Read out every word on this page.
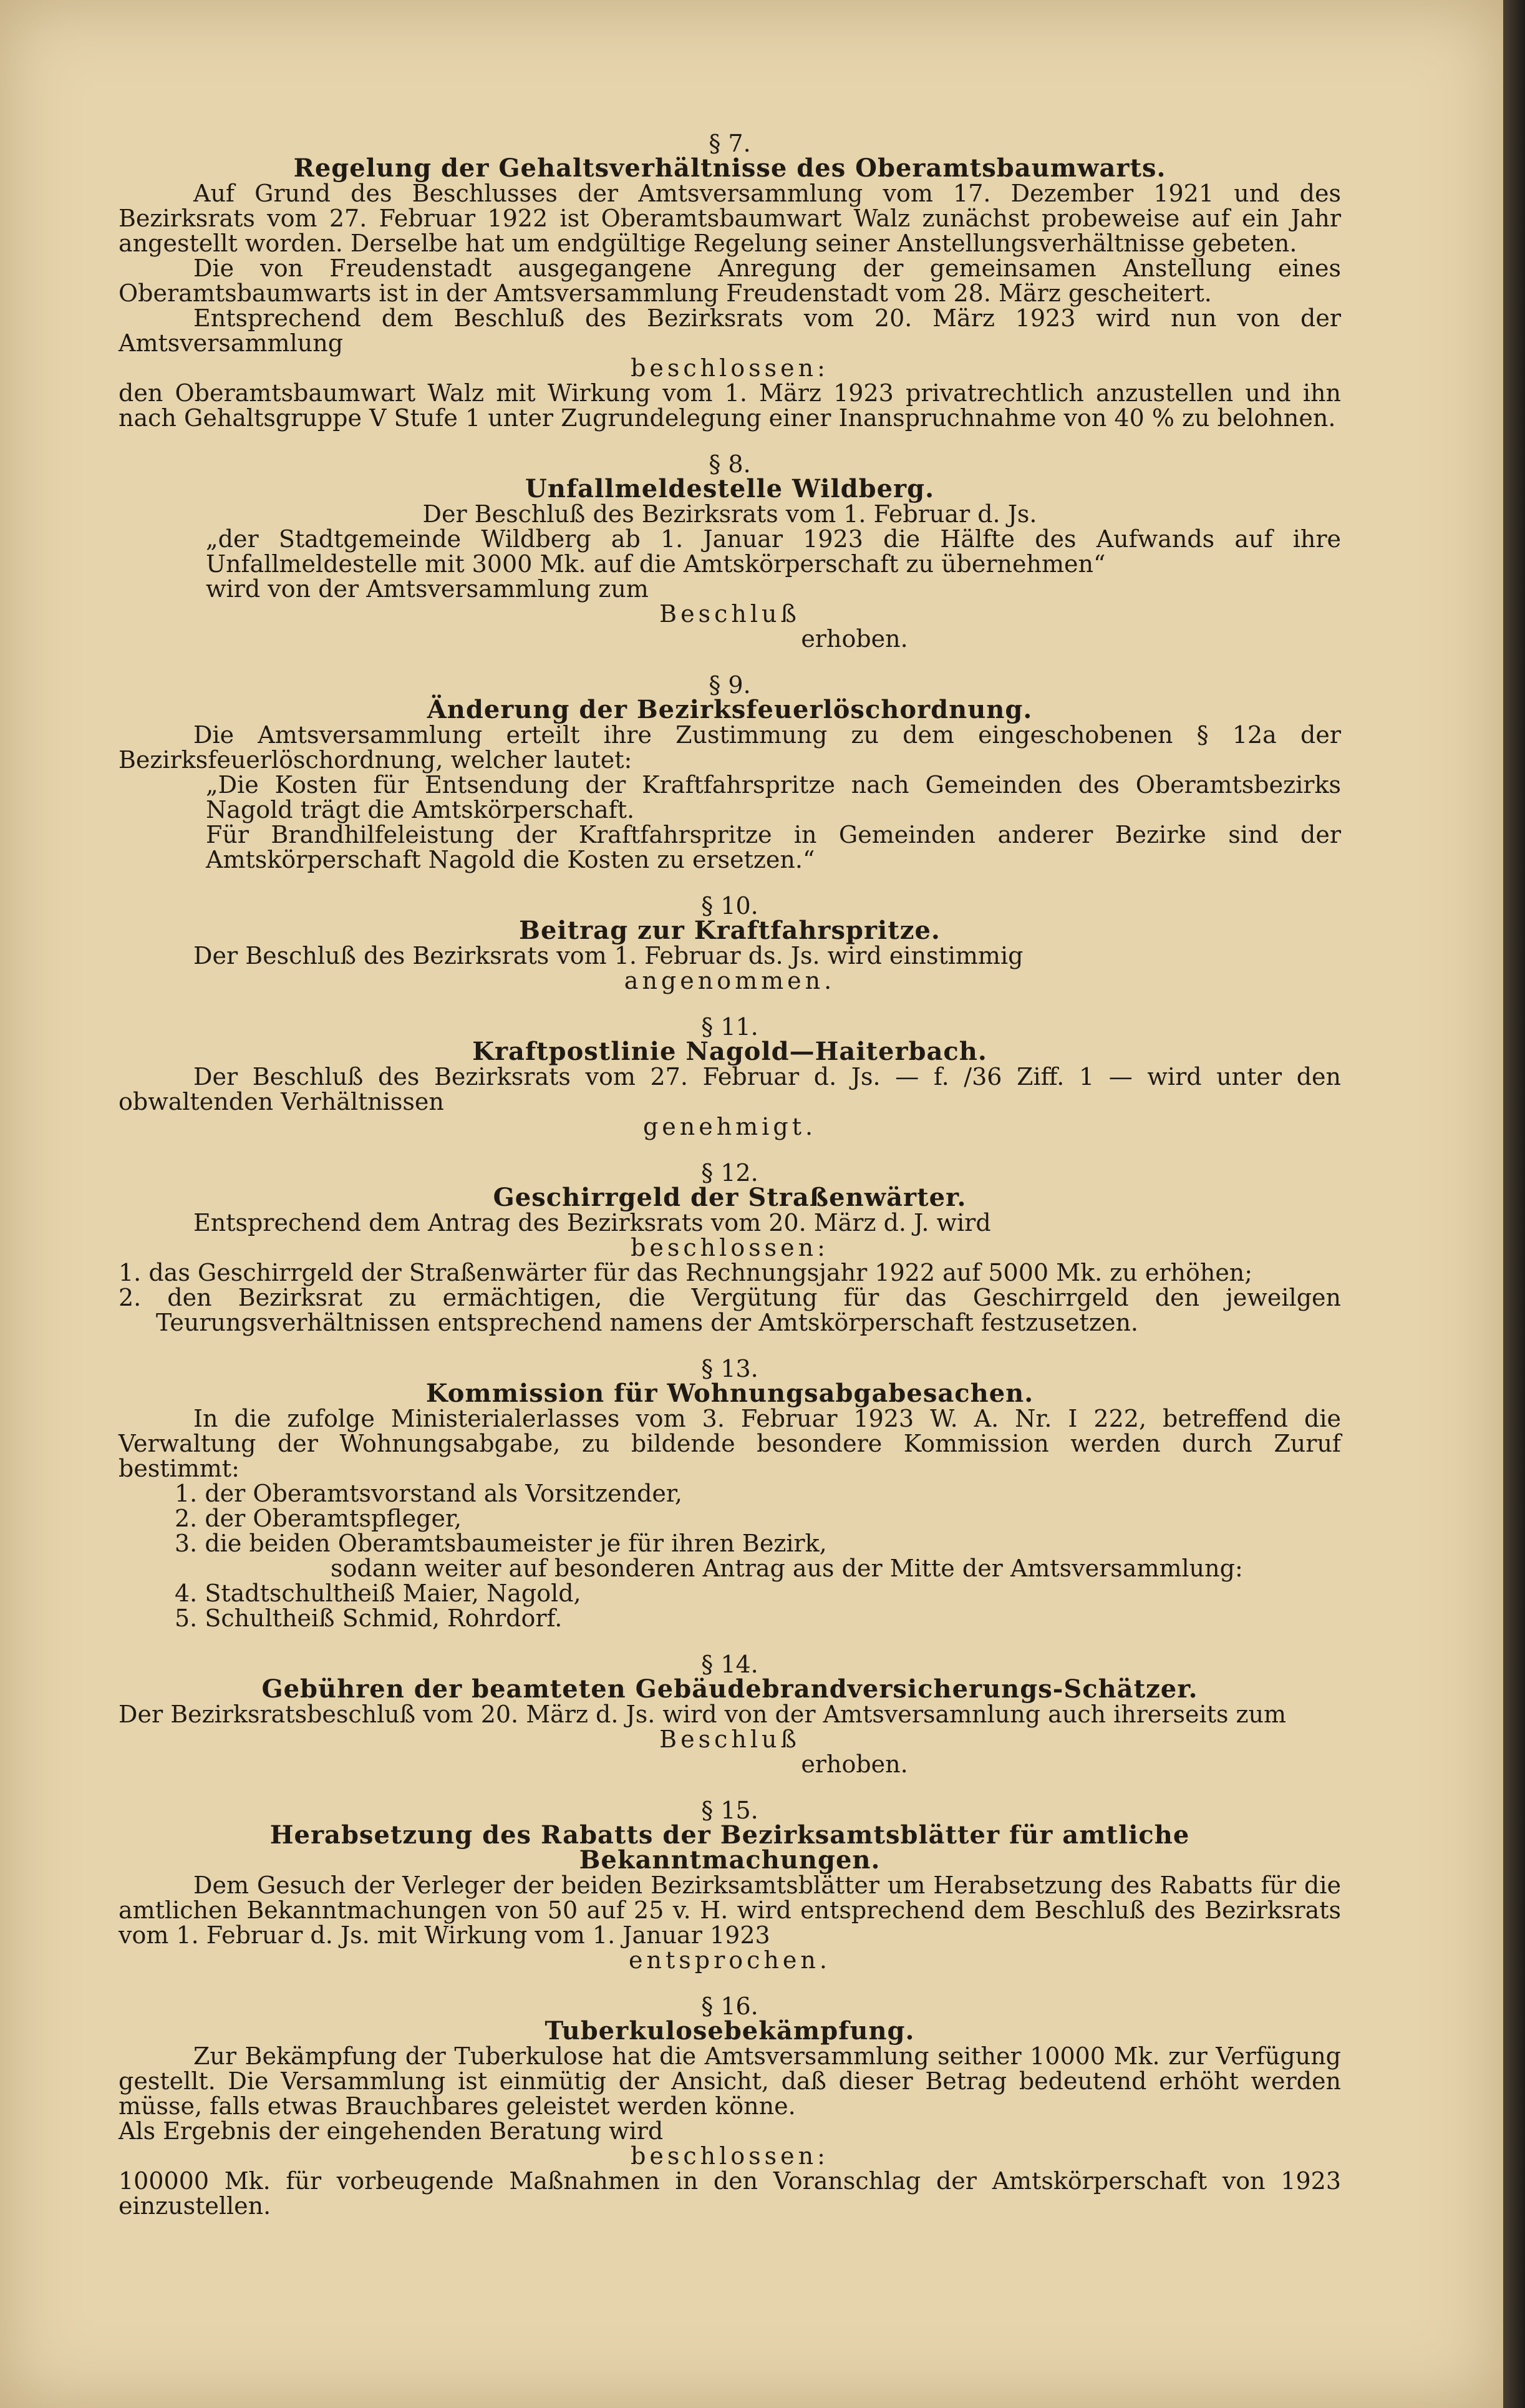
§ 7.
Regelung der Gehaltsverhältnisse des Oberamtsbaumwarts.
Auf Grund des Beschlusses der Amtsversammlung vom 17. Dezember 1921 und des Bezirksrats vom 27. Februar 1922 ist Oberamtsbaumwart Walz zunächst probeweise auf ein Jahr angestellt worden. Derselbe hat um endgültige Regelung seiner Anstellungsverhältnisse gebeten.
Die von Freudenstadt ausgegangene Anregung der gemeinsamen Anstellung eines Oberamtsbaumwarts ist in der Amtsversammlung Freudenstadt vom 28. März gescheitert.
Entsprechend dem Beschluß des Bezirksrats vom 20. März 1923 wird nun von der Amtsversammlung
beschlossen:
den Oberamtsbaumwart Walz mit Wirkung vom 1. März 1923 privatrechtlich anzustellen und ihn nach Gehaltsgruppe V Stufe 1 unter Zugrundelegung einer Inanspruchnahme von 40 % zu belohnen.
§ 8.
Unfallmeldestelle Wildberg.
Der Beschluß des Bezirksrats vom 1. Februar d. Js.
„der Stadtgemeinde Wildberg ab 1. Januar 1923 die Hälfte des Aufwands auf ihre Unfallmeldestelle mit 3000 Mk. auf die Amtskörperschaft zu übernehmen“
wird von der Amtsversammlung zum
Beschluß
erhoben.
§ 9.
Änderung der Bezirksfeuerlöschordnung.
Die Amtsversammlung erteilt ihre Zustimmung zu dem eingeschobenen § 12a der Bezirksfeuerlöschordnung, welcher lautet:
„Die Kosten für Entsendung der Kraftfahrspritze nach Gemeinden des Oberamtsbezirks Nagold trägt die Amtskörperschaft.
Für Brandhilfeleistung der Kraftfahrspritze in Gemeinden anderer Bezirke sind der Amtskörperschaft Nagold die Kosten zu ersetzen.“
§ 10.
Beitrag zur Kraftfahrspritze.
Der Beschluß des Bezirksrats vom 1. Februar ds. Js. wird einstimmig
angenommen.
§ 11.
Kraftpostlinie Nagold—Haiterbach.
Der Beschluß des Bezirksrats vom 27. Februar d. Js. — f. /36 Ziff. 1 — wird unter den obwaltenden Verhältnissen
genehmigt.
§ 12.
Geschirrgeld der Straßenwärter.
Entsprechend dem Antrag des Bezirksrats vom 20. März d. J. wird
beschlossen:
1. das Geschirrgeld der Straßenwärter für das Rechnungsjahr 1922 auf 5000 Mk. zu erhöhen;
2. den Bezirksrat zu ermächtigen, die Vergütung für das Geschirrgeld den jeweilgen Teurungsverhältnissen entsprechend namens der Amtskörperschaft festzusetzen.
§ 13.
Kommission für Wohnungsabgabesachen.
In die zufolge Ministerialerlasses vom 3. Februar 1923 W. A. Nr. I 222, betreffend die Verwaltung der Wohnungsabgabe, zu bildende besondere Kommission werden durch Zuruf bestimmt:
1. der Oberamtsvorstand als Vorsitzender,
2. der Oberamtspfleger,
3. die beiden Oberamtsbaumeister je für ihren Bezirk,
sodann weiter auf besonderen Antrag aus der Mitte der Amtsversammlung:
4. Stadtschultheiß Maier, Nagold,
5. Schultheiß Schmid, Rohrdorf.
§ 14.
Gebühren der beamteten Gebäudebrandversicherungs-Schätzer.
Der Bezirksratsbeschluß vom 20. März d. Js. wird von der Amtsversamnlung auch ihrerseits zum
Beschluß
erhoben.
§ 15.
Herabsetzung des Rabatts der Bezirksamtsblätter für amtliche Bekanntmachungen.
Dem Gesuch der Verleger der beiden Bezirksamtsblätter um Herabsetzung des Rabatts für die amtlichen Bekanntmachungen von 50 auf 25 v. H. wird entsprechend dem Beschluß des Bezirksrats vom 1. Februar d. Js. mit Wirkung vom 1. Januar 1923
entsprochen.
§ 16.
Tuberkulosebekämpfung.
Zur Bekämpfung der Tuberkulose hat die Amtsversammlung seither 10000 Mk. zur Verfügung gestellt. Die Versammlung ist einmütig der Ansicht, daß dieser Betrag bedeutend erhöht werden müsse, falls etwas Brauchbares geleistet werden könne.
Als Ergebnis der eingehenden Beratung wird
beschlossen:
100000 Mk. für vorbeugende Maßnahmen in den Voranschlag der Amtskörperschaft von 1923 einzustellen.
